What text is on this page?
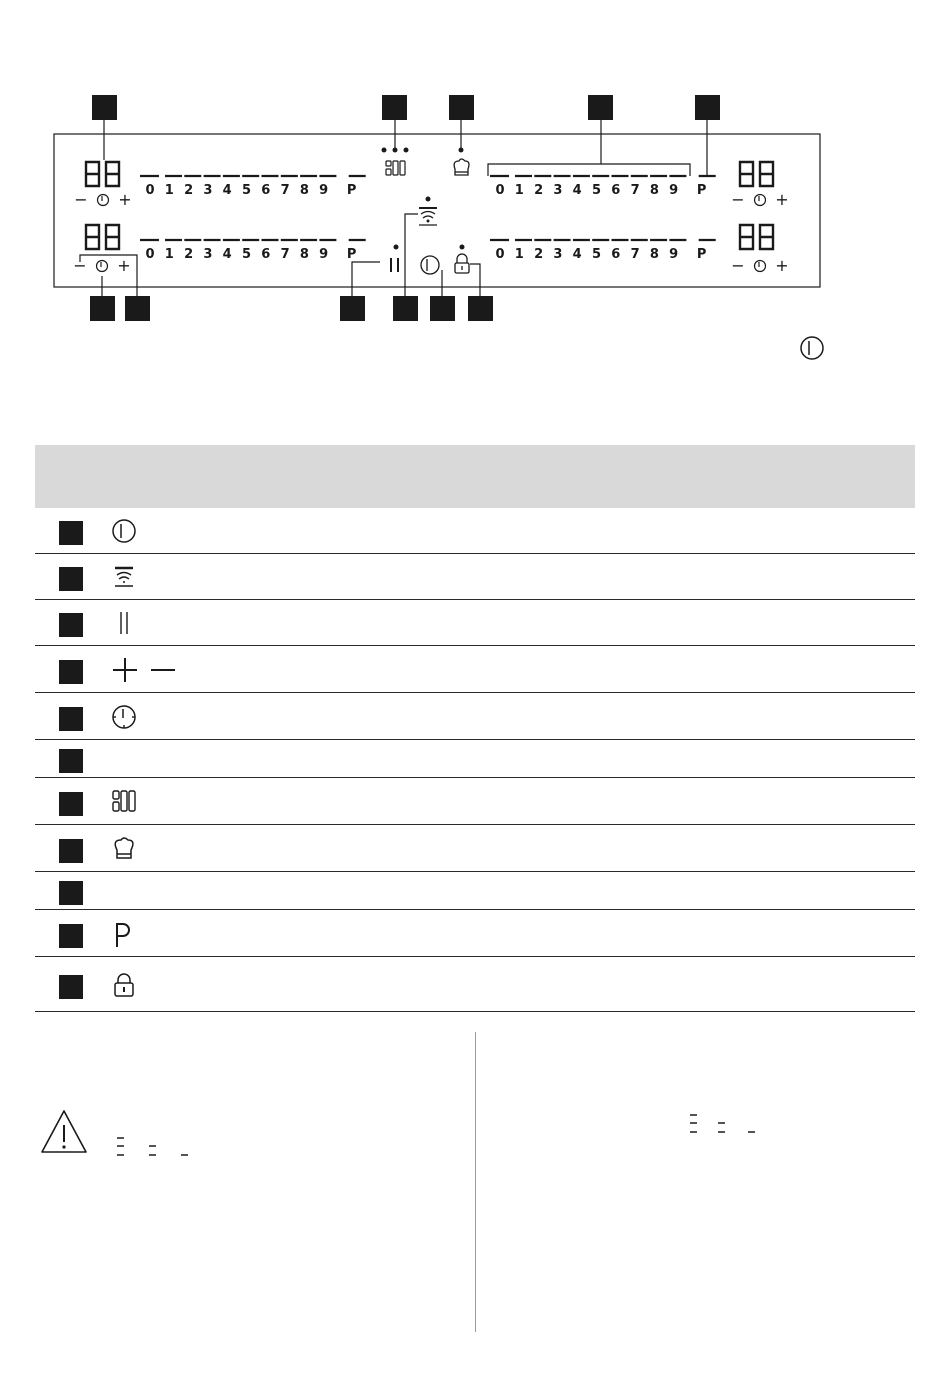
0 1 2 3 4 5 6 7 8 9 P	0 1 2 3 4 5 6 7 8 9 P
0 1 2 3 4 5 6 7 8 9 P	0 1 2 3 4 5 6 7 8 9 P
− +
− +
− +
− +
